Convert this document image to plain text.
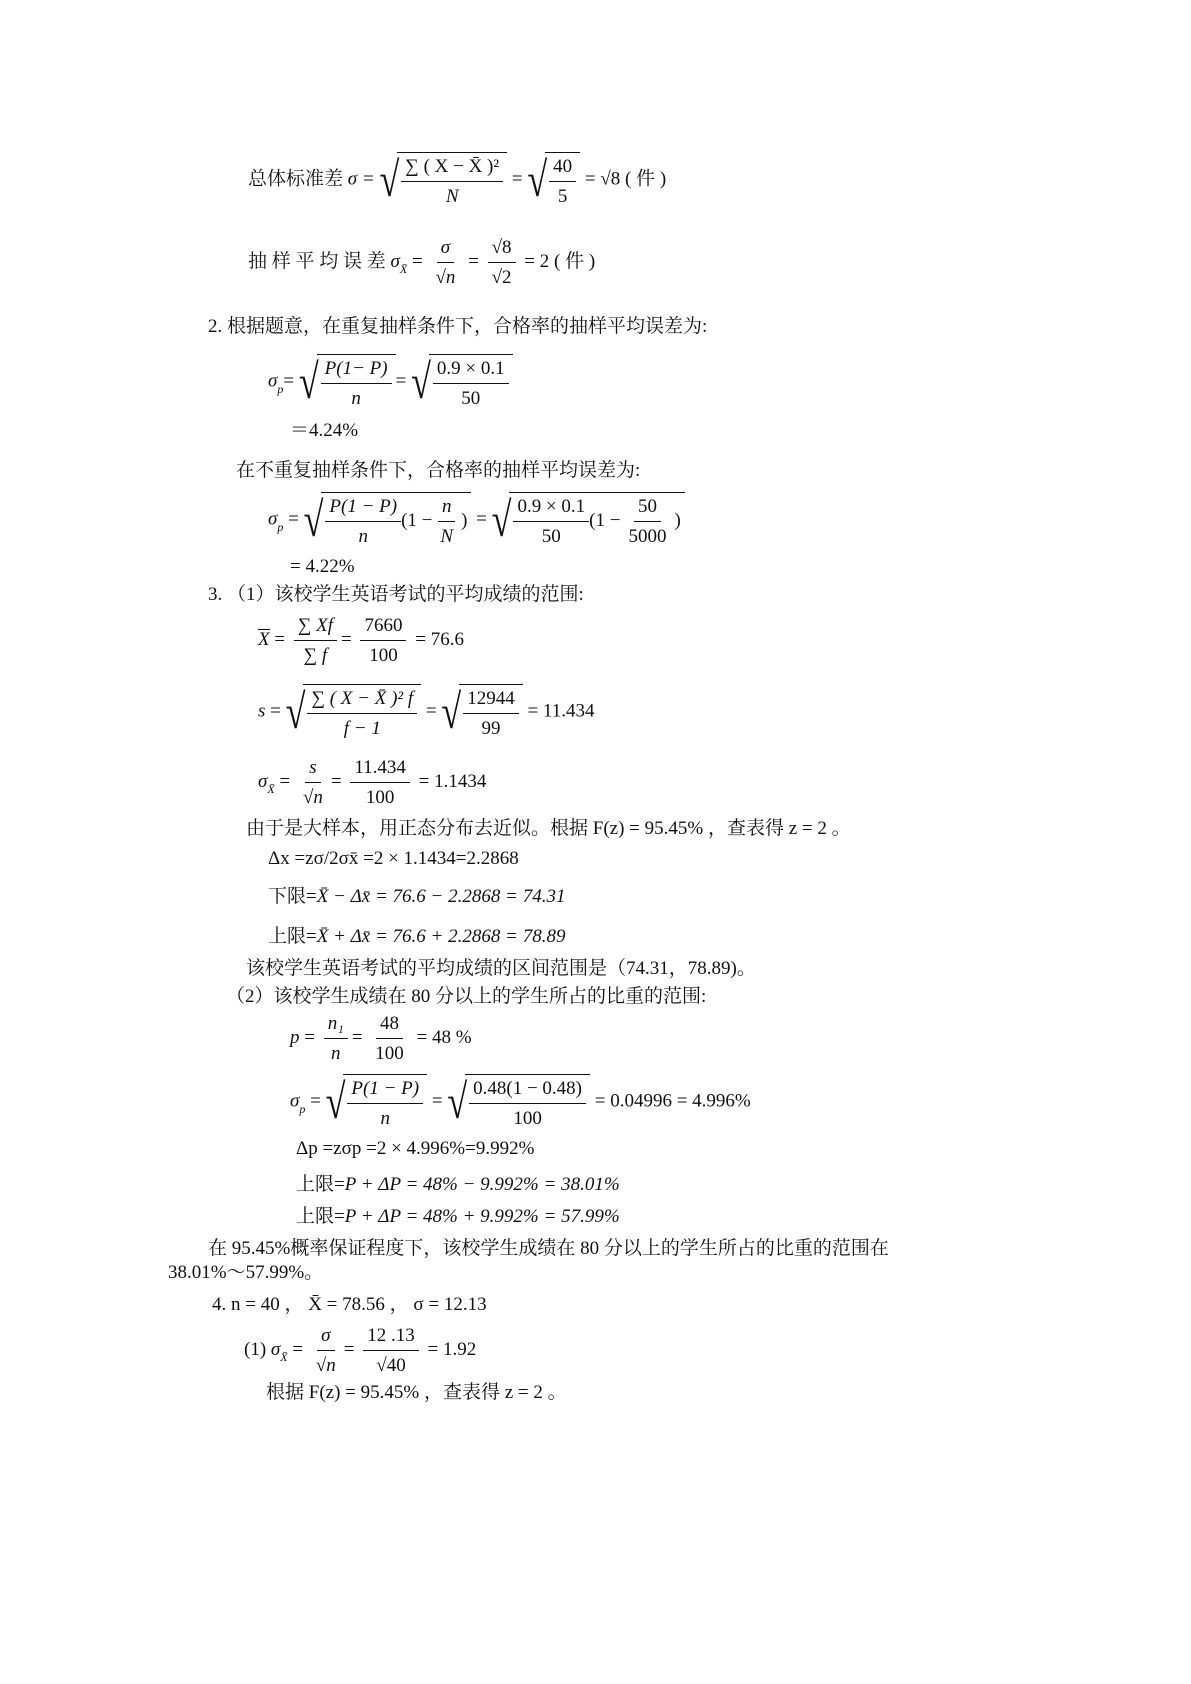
总体标准差 σ = √
$\frac{\text{∑ ( X − X̄ )²}}{N}$ = √
$\frac{40}{5} = √8$ ( 件 )
抽 样 平 均 误 差 $\sigma_{X̄} = \frac{\sigma}{√n} = \frac{√8}{√2} = 2$ ( 件 )
2. 根据题意，在重复抽样条件下，合格率的抽样平均误差为:
$\sigma_p=$ √
$\frac{P(1- P)}{n}$ = √
$\frac{0.9 \times 0.1}{50}$
＝4.24%
在不重复抽样条件下，合格率的抽样平均误差为:
$\sigma_p$ = √ $\frac{P(1 - P)}{n} (1 - \frac{n}{N}$ ) = √ $\frac{0.9 \times 0.1}{50} (1 - \frac{50}{5000}$ )
= 4.22%
3. （1）该校学生英语考试的平均成绩的范围:
$X = \frac{\sum Xf}{\sum f} = \frac{7660}{100} = 76.6$
s = √
$\frac{\text{∑ ( X − X̄ )² f}}{f - 1}$ = √
$\frac{12944}{99} = 11.434$
$\sigma_{X̄} = \frac{s}{√n} = \frac{11.434}{100} = 1.1434$
由于是大样本，用正态分布去近似。根据 F(z) = 95.45% ，查表得 z = 2 。
Δx =zσ/2σx̄ =2 × 1.1434=2.2868
下限=X̄ − Δx̄ = 76.6 − 2.2868 = 74.31
上限=X̄ + Δx̄ = 76.6 + 2.2868 = 78.89
该校学生英语考试的平均成绩的区间范围是（74.31，78.89)。
（2）该校学生成绩在 80 分以上的学生所占的比重的范围:
$p = \frac{\text{n₁}}{n} = \frac{48}{100} = 48$ %
$\sigma_p$ = √
$\frac{P(1 - P)}{n}$ = √
$\frac{0.48(1 - 0.48)}{100} = 0.04996 = 4.996\%$
Δp =zσp =2 × 4.996%=9.992%
上限=P + ΔP = 48% − 9.992% = 38.01%
上限=P + ΔP = 48% + 9.992% = 57.99%
在 95.45%概率保证程度下，该校学生成绩在 80 分以上的学生所占的比重的范围在
38.01%～57.99%。
4. n = 40 ， X̄ = 78.56 ， σ = 12.13
(1) $\sigma_{X̄} = \frac{\sigma}{√n} = \frac{12 .13}{√40} = 1.92$
根据 F(z) = 95.45% ，查表得 z = 2 。
